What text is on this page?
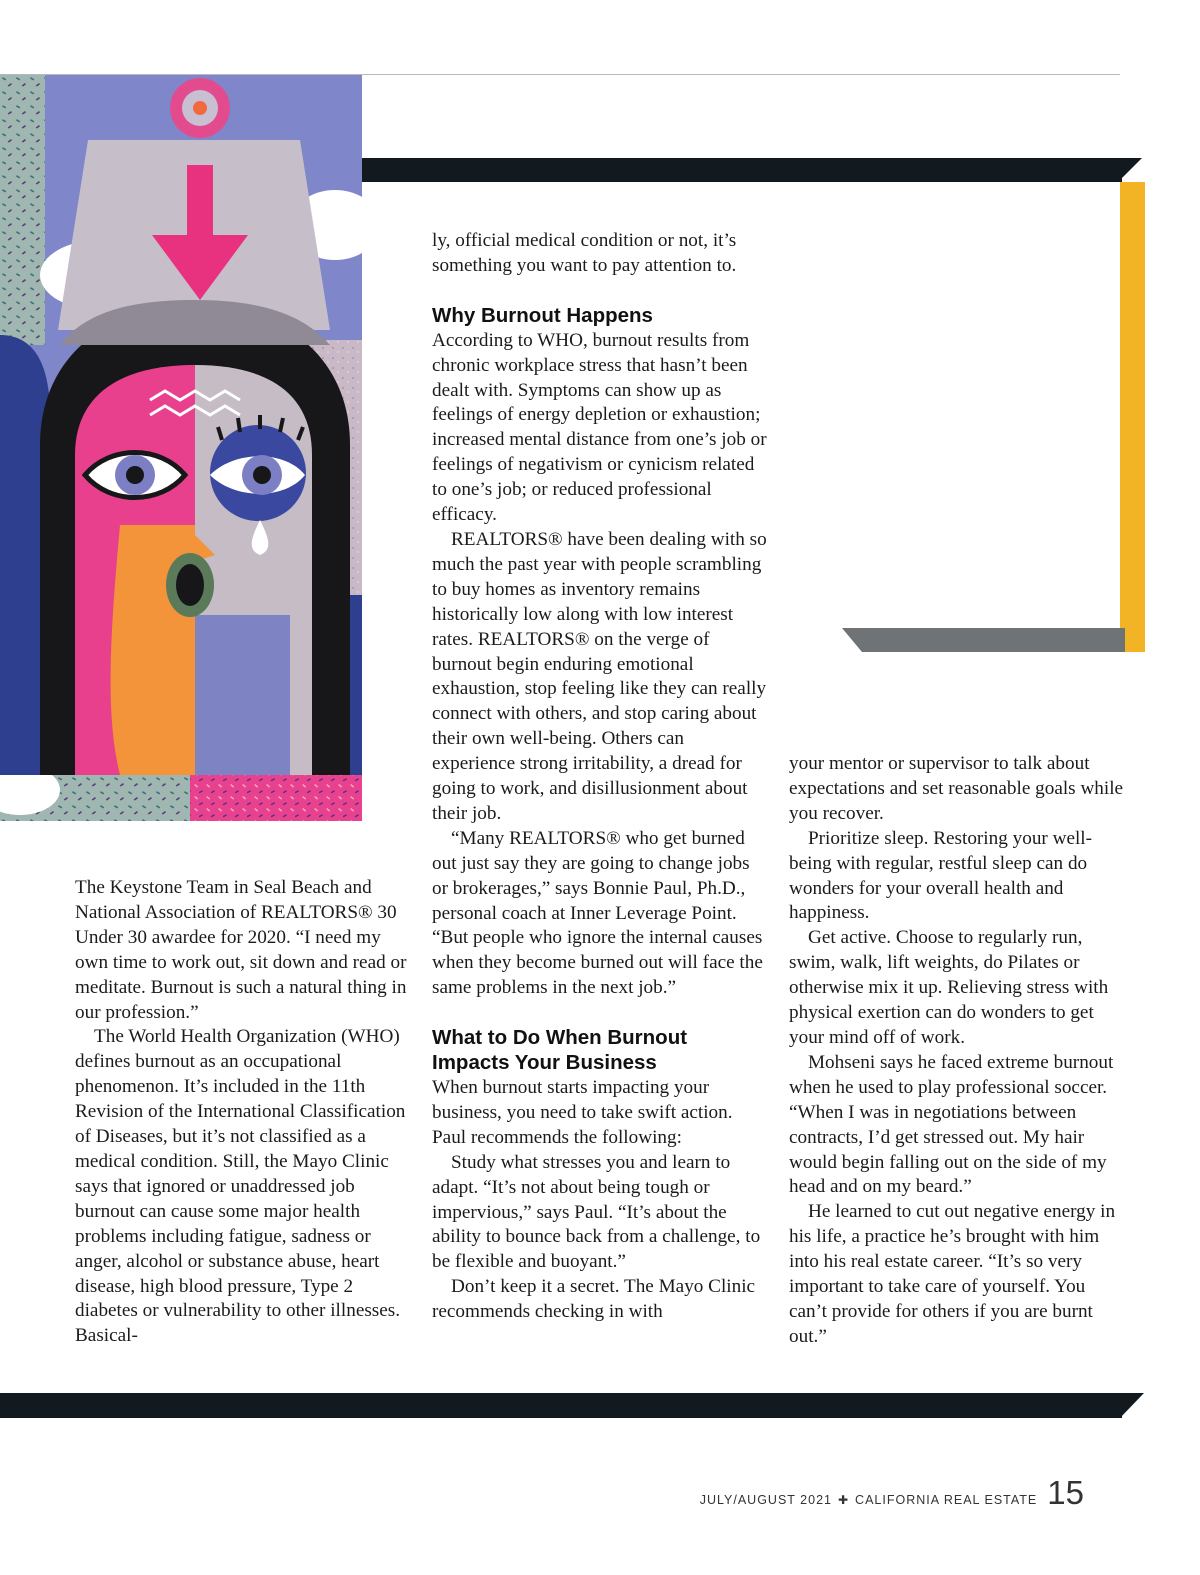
The Keystone Team in Seal Beach and National Association of REALTORS® 30 Under 30 awardee for 2020. “I need my own time to work out, sit down and read or meditate. Burnout is such a natural thing in our profession.”

The World Health Organization (WHO) defines burnout as an occupational phenomenon. It’s included in the 11th Revision of the International Classification of Diseases, but it’s not classified as a medical condition. Still, the Mayo Clinic says that ignored or unaddressed job burnout can cause some major health problems including fatigue, sadness or anger, alcohol or substance abuse, heart disease, high blood pressure, Type 2 diabetes or vulnerability to other illnesses. Basical-

ly, official medical condition or not, it’s something you want to pay attention to.

Why Burnout Happens

According to WHO, burnout results from chronic workplace stress that hasn’t been dealt with. Symptoms can show up as feelings of energy depletion or exhaustion; increased mental distance from one’s job or feelings of negativism or cynicism related to one’s job; or reduced professional efficacy.

REALTORS® have been dealing with so much the past year with people scrambling to buy homes as inventory remains historically low along with low interest rates. REALTORS® on the verge of burnout begin enduring emotional exhaustion, stop feeling like they can really connect with others, and stop caring about their own well-being. Others can experience strong irritability, a dread for going to work, and disillusionment about their job.

“Many REALTORS® who get burned out just say they are going to change jobs or brokerages,” says Bonnie Paul, Ph.D., personal coach at Inner Leverage Point. “But people who ignore the internal causes when they become burned out will face the same problems in the next job.”

What to Do When Burnout Impacts Your Business

When burnout starts impacting your business, you need to take swift action. Paul recommends the following:

Study what stresses you and learn to adapt. “It’s not about being tough or impervious,” says Paul. “It’s about the ability to bounce back from a challenge, to be flexible and buoyant.”

Don’t keep it a secret. The Mayo Clinic recommends checking in with

your mentor or supervisor to talk about expectations and set reasonable goals while you recover.

Prioritize sleep. Restoring your well-being with regular, restful sleep can do wonders for your overall health and happiness.

Get active. Choose to regularly run, swim, walk, lift weights, do Pilates or otherwise mix it up. Relieving stress with physical exertion can do wonders to get your mind off of work.

Mohseni says he faced extreme burnout when he used to play professional soccer. “When I was in negotiations between contracts, I’d get stressed out. My hair would begin falling out on the side of my head and on my beard.”

He learned to cut out negative energy in his life, a practice he’s brought with him into his real estate career. “It’s so very important to take care of yourself. You can’t provide for others if you are burnt out.”

JULY/AUGUST 2021 ✚ CALIFORNIA REAL ESTATE 15
